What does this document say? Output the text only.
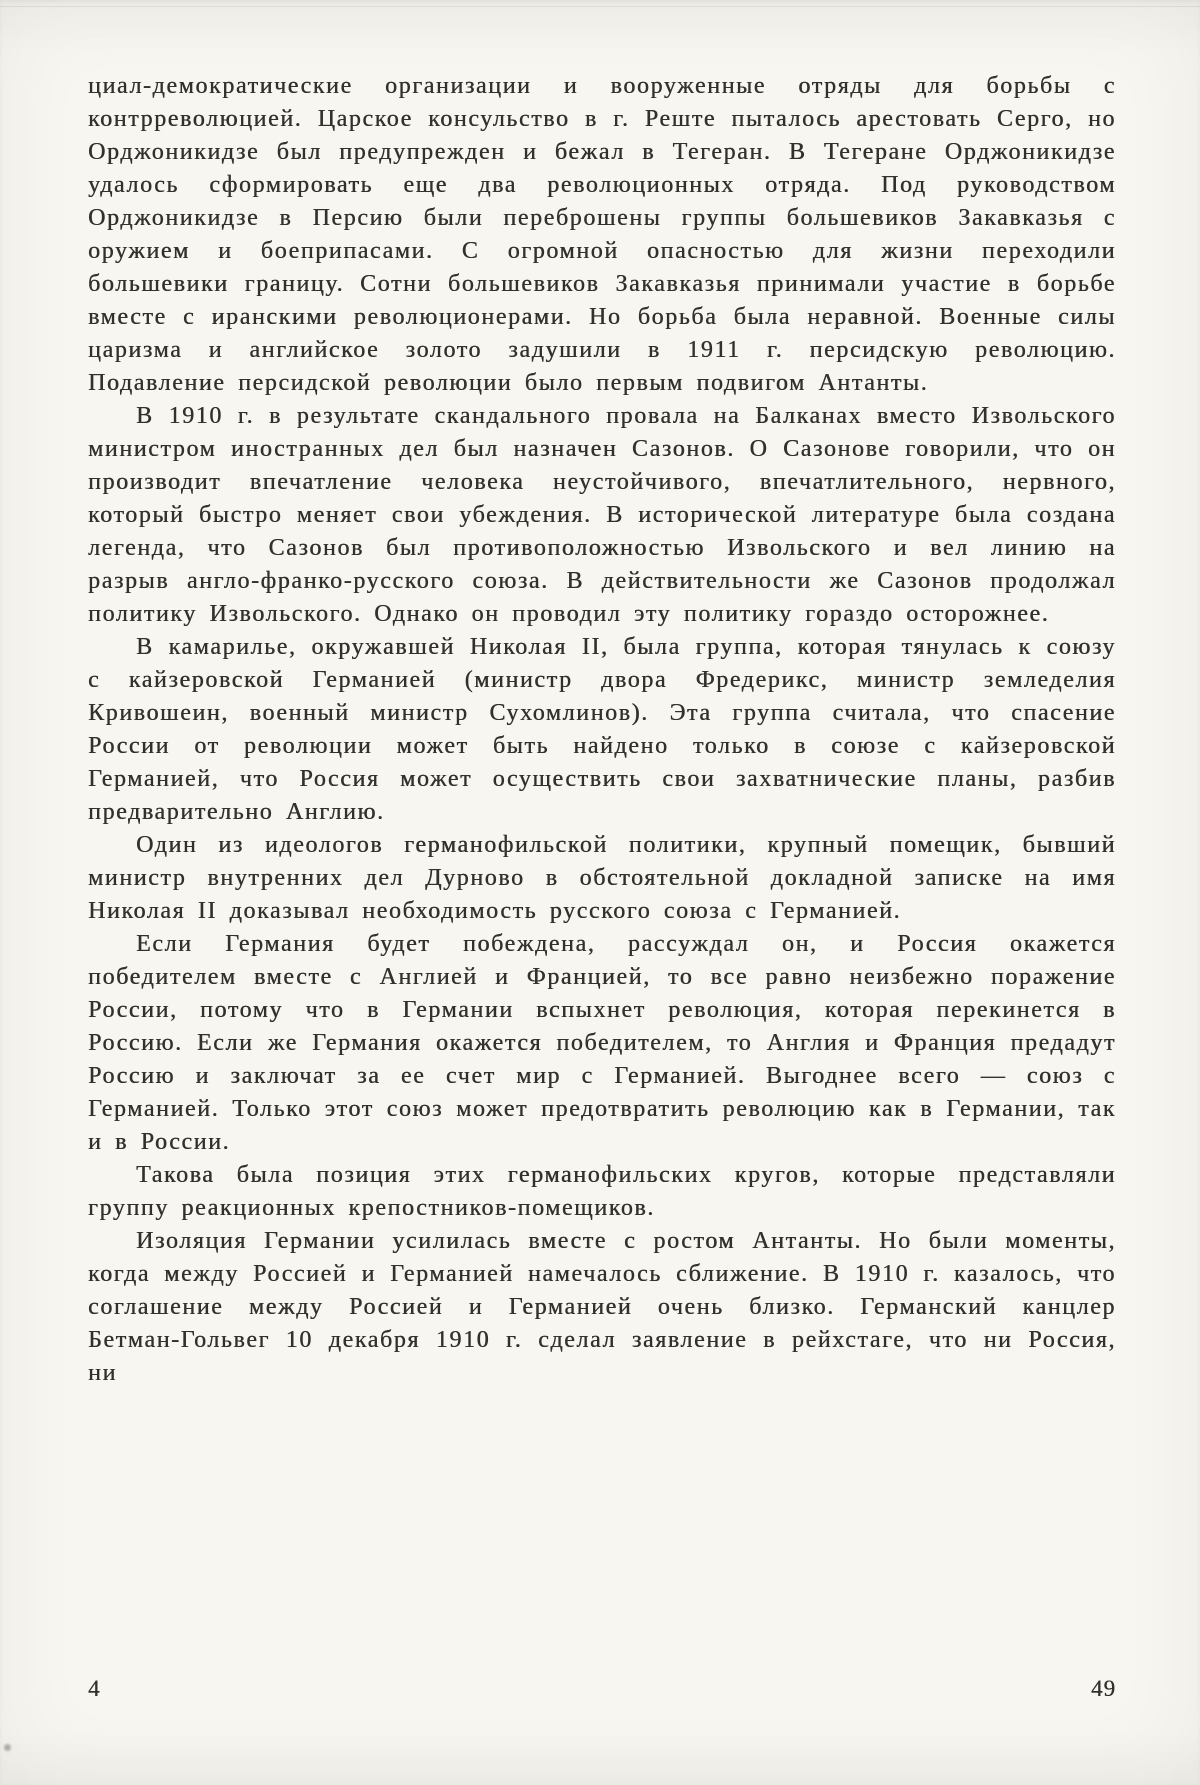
циал-демократические организации и вооруженные отряды для борьбы с контрреволюцией. Царское консульство в г. Реште пыталось арестовать Серго, но Орджоникидзе был предупрежден и бежал в Тегеран. В Тегеране Орджоникидзе удалось сформировать еще два революционных отряда. Под руководством Орджоникидзе в Персию были переброшены группы большевиков Закавказья с оружием и боеприпасами. С огромной опасностью для жизни переходили большевики границу. Сотни большевиков Закавказья принимали участие в борьбе вместе с иранскими революционерами. Но борьба была неравной. Военные силы царизма и английское золото задушили в 1911 г. персидскую революцию. Подавление персидской революции было первым подвигом Антанты.

В 1910 г. в результате скандального провала на Балканах вместо Извольского министром иностранных дел был назначен Сазонов. О Сазонове говорили, что он производит впечатление человека неустойчивого, впечатлительного, нервного, который быстро меняет свои убеждения. В исторической литературе была создана легенда, что Сазонов был противоположностью Извольского и вел линию на разрыв англо-франко-русского союза. В действительности же Сазонов продолжал политику Извольского. Однако он проводил эту политику гораздо осторожнее.

В камарилье, окружавшей Николая II, была группа, которая тянулась к союзу с кайзеровской Германией (министр двора Фредерикс, министр земледелия Кривошеин, военный министр Сухомлинов). Эта группа считала, что спасение России от революции может быть найдено только в союзе с кайзеровской Германией, что Россия может осуществить свои захватнические планы, разбив предварительно Англию.

Один из идеологов германофильской политики, крупный помещик, бывший министр внутренних дел Дурново в обстоятельной докладной записке на имя Николая II доказывал необходимость русского союза с Германией.

Если Германия будет побеждена, рассуждал он, и Россия окажется победителем вместе с Англией и Францией, то все равно неизбежно поражение России, потому что в Германии вспыхнет революция, которая перекинется в Россию. Если же Германия окажется победителем, то Англия и Франция предадут Россию и заключат за ее счет мир с Германией. Выгоднее всего — союз с Германией. Только этот союз может предотвратить революцию как в Германии, так и в России.

Такова была позиция этих германофильских кругов, которые представляли группу реакционных крепостников-помещиков.

Изоляция Германии усилилась вместе с ростом Антанты. Но были моменты, когда между Россией и Германией намечалось сближение. В 1910 г. казалось, что соглашение между Россией и Германией очень близко. Германский канцлер Бетман-Гольвег 10 декабря 1910 г. сделал заявление в рейхстаге, что ни Россия, ни

4	49
